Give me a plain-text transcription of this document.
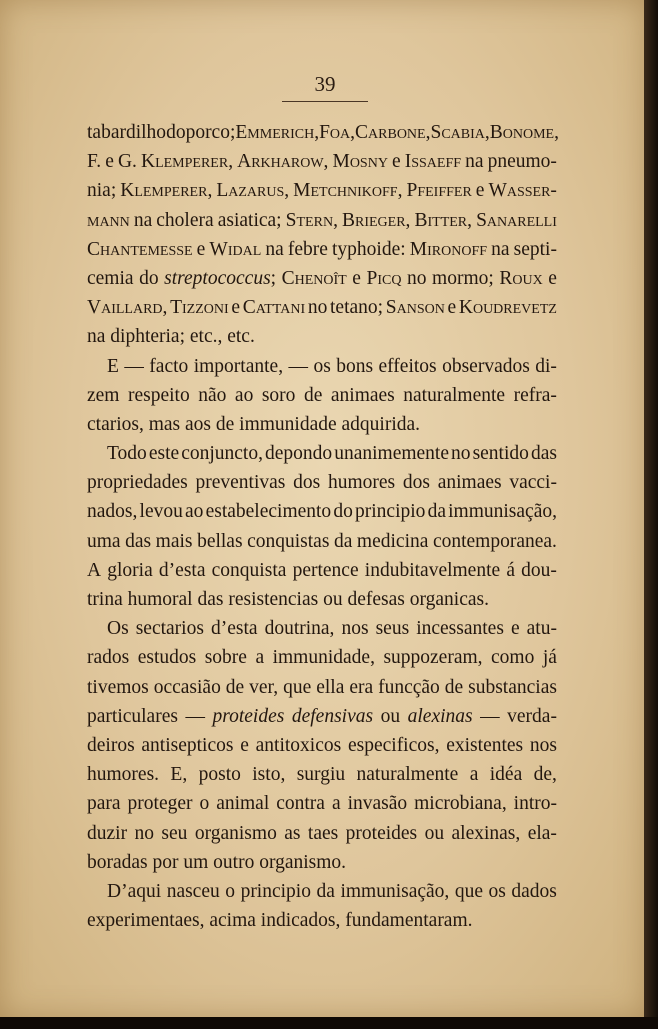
39
tabardilho do porco; Emmerich, Foa, Carbone, Scabia, Bonome,
F. e G. Klemperer, Arkharow, Mosny e Issaeff na pneumo-
nia; Klemperer, Lazarus, Metchnikoff, Pfeiffer e Wasser-
mann na cholera asiatica; Stern, Brieger, Bitter, Sanarelli
Chantemesse e Widal na febre typhoide: Mironoff na septi-
cemia do streptococcus; Chenoît e Picq no mormo; Roux e
Vaillard, Tizzoni e Cattani no tetano; Sanson e Koudrevetz
na diphteria; etc., etc.
E — facto importante, — os bons effeitos observados di-
zem respeito não ao soro de animaes naturalmente refra-
ctarios, mas aos de immunidade adquirida.
Todo este conjuncto, depondo unanimemente no sentido das
propriedades preventivas dos humores dos animaes vacci-
nados, levou ao estabelecimento do principio da immunisação,
uma das mais bellas conquistas da medicina contemporanea.
A gloria d’esta conquista pertence indubitavelmente á dou-
trina humoral das resistencias ou defesas organicas.
Os sectarios d’esta doutrina, nos seus incessantes e atu-
rados estudos sobre a immunidade, suppozeram, como já
tivemos occasião de ver, que ella era funcção de substancias
particulares — proteides defensivas ou alexinas — verda-
deiros antisepticos e antitoxicos especificos, existentes nos
humores. E, posto isto, surgiu naturalmente a idéa de,
para proteger o animal contra a invasão microbiana, intro-
duzir no seu organismo as taes proteides ou alexinas, ela-
boradas por um outro organismo.
D’aqui nasceu o principio da immunisação, que os dados
experimentaes, acima indicados, fundamentaram.
